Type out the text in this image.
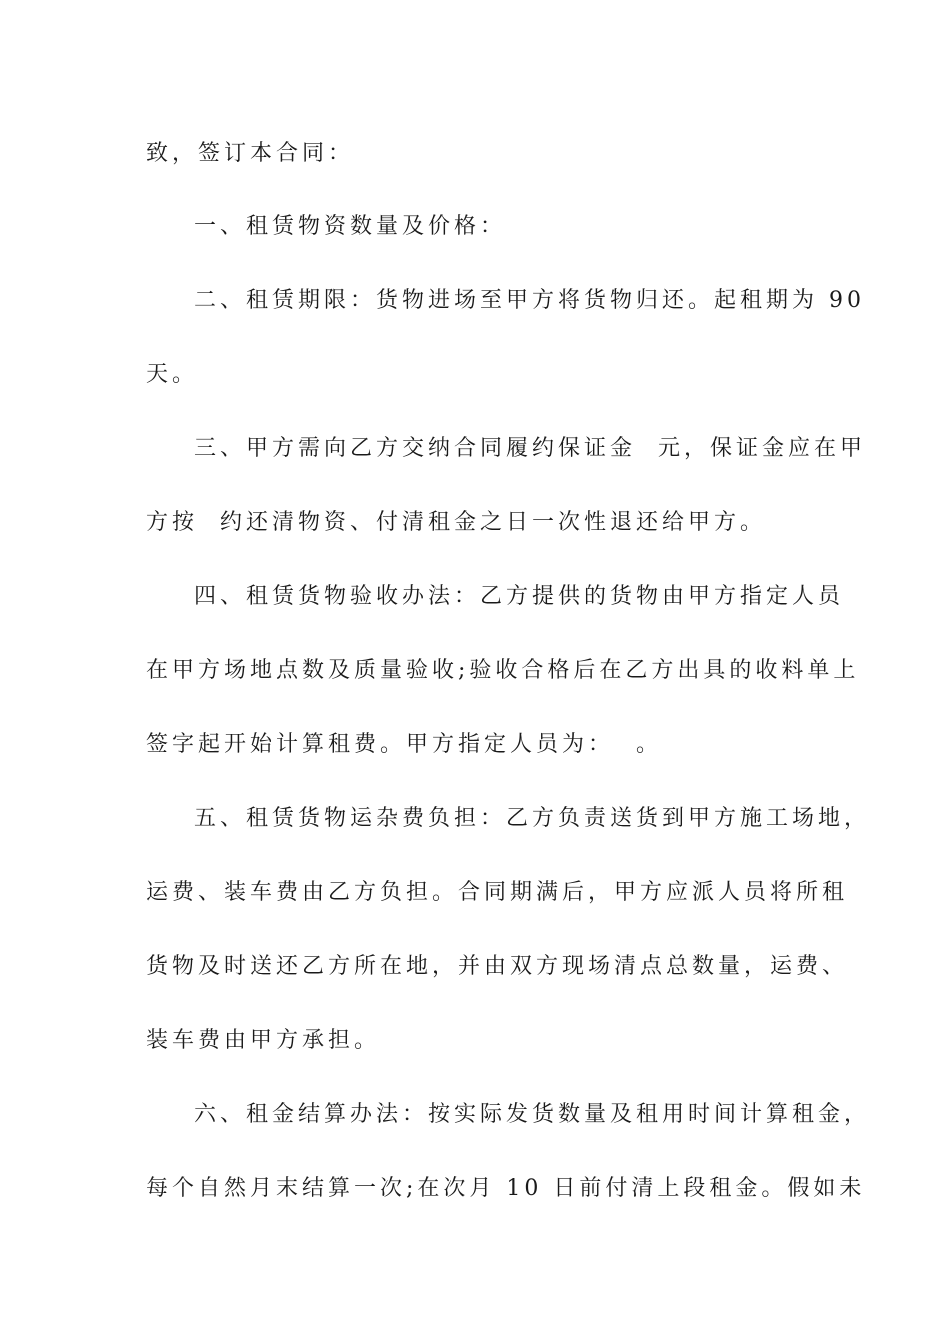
致，签订本合同：
一、租赁物资数量及价格：
二、租赁期限：货物进场至甲方将货物归还。起租期为 90
天。
三、甲方需向乙方交纳合同履约保证金  元，保证金应在甲
方按  约还清物资、付清租金之日一次性退还给甲方。
四、租赁货物验收办法：乙方提供的货物由甲方指定人员
在甲方场地点数及质量验收;验收合格后在乙方出具的收料单上
签字起开始计算租费。甲方指定人员为：  。
五、租赁货物运杂费负担：乙方负责送货到甲方施工场地，
运费、装车费由乙方负担。合同期满后，甲方应派人员将所租
货物及时送还乙方所在地，并由双方现场清点总数量，运费、
装车费由甲方承担。
六、租金结算办法：按实际发货数量及租用时间计算租金，
每个自然月末结算一次;在次月 10 日前付清上段租金。假如未
